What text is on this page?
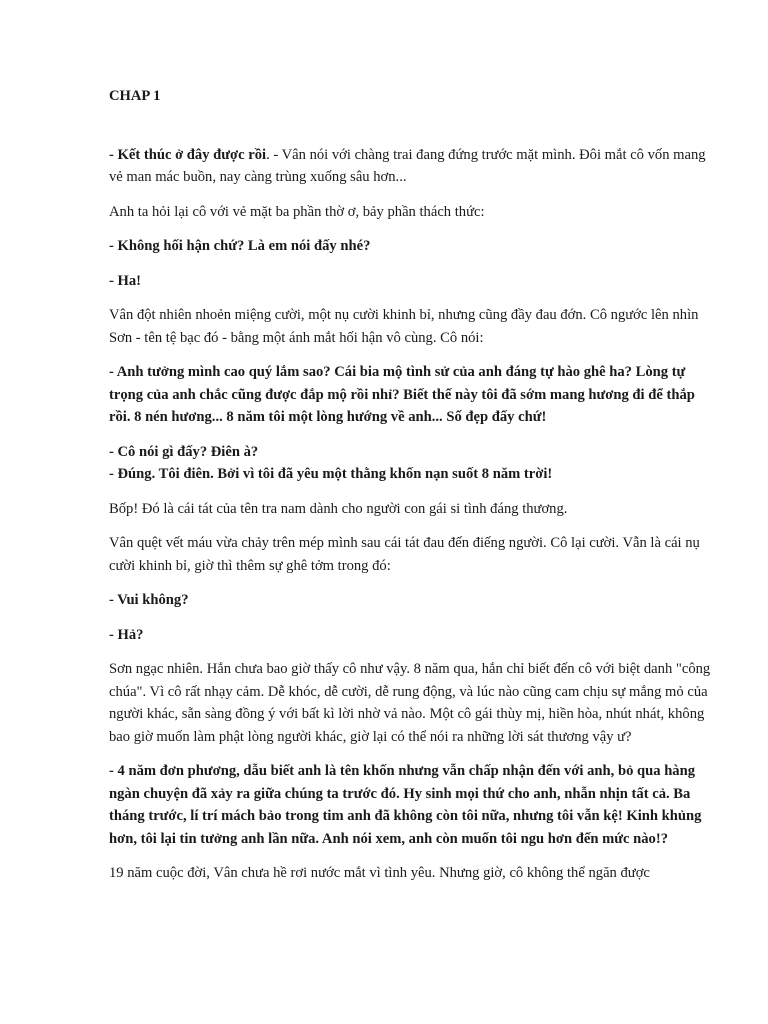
CHAP 1

- Kết thúc ở đây được rồi. - Vân nói với chàng trai đang đứng trước mặt mình. Đôi mắt cô vốn mang vẻ man mác buồn, nay càng trùng xuống sâu hơn...

Anh ta hỏi lại cô với vẻ mặt ba phần thờ ơ, bảy phần thách thức:

- Không hối hận chứ? Là em nói đấy nhé?

- Ha!

Vân đột nhiên nhoẻn miệng cười, một nụ cười khinh bỉ, nhưng cũng đầy đau đớn. Cô ngước lên nhìn Sơn - tên tệ bạc đó - bằng một ánh mắt hối hận vô cùng. Cô nói:

- Anh tưởng mình cao quý lắm sao? Cái bia mộ tình sử của anh đáng tự hào ghê ha? Lòng tự trọng của anh chắc cũng được đắp mộ rồi nhỉ? Biết thế này tôi đã sớm mang hương đi để thắp rồi. 8 nén hương... 8 năm tôi một lòng hướng về anh... Số đẹp đấy chứ!

- Cô nói gì đấy? Điên à?

- Đúng. Tôi điên. Bởi vì tôi đã yêu một thằng khốn nạn suốt 8 năm trời!

Bốp! Đó là cái tát của tên tra nam dành cho người con gái si tình đáng thương.

Vân quệt vết máu vừa chảy trên mép mình sau cái tát đau đến điếng người. Cô lại cười. Vẫn là cái nụ cười khinh bỉ, giờ thì thêm sự ghê tởm trong đó:

- Vui không?

- Hả?

Sơn ngạc nhiên. Hắn chưa bao giờ thấy cô như vậy. 8 năm qua, hắn chỉ biết đến cô với biệt danh "công chúa". Vì cô rất nhạy cảm. Dễ khóc, dễ cười, dễ rung động, và lúc nào cũng cam chịu sự mắng mỏ của người khác, sẵn sàng đồng ý với bất kì lời nhờ vả nào. Một cô gái thùy mị, hiền hòa, nhút nhát, không bao giờ muốn làm phật lòng người khác, giờ lại có thể nói ra những lời sát thương vậy ư?

- 4 năm đơn phương, dẫu biết anh là tên khốn nhưng vẫn chấp nhận đến với anh, bỏ qua hàng ngàn chuyện đã xảy ra giữa chúng ta trước đó. Hy sinh mọi thứ cho anh, nhẫn nhịn tất cả. Ba tháng trước, lí trí mách bảo trong tim anh đã không còn tôi nữa, nhưng tôi vẫn kệ! Kinh khủng hơn, tôi lại tin tưởng anh lần nữa. Anh nói xem, anh còn muốn tôi ngu hơn đến mức nào!?

19 năm cuộc đời, Vân chưa hề rơi nước mắt vì tình yêu. Nhưng giờ, cô không thể ngăn được
